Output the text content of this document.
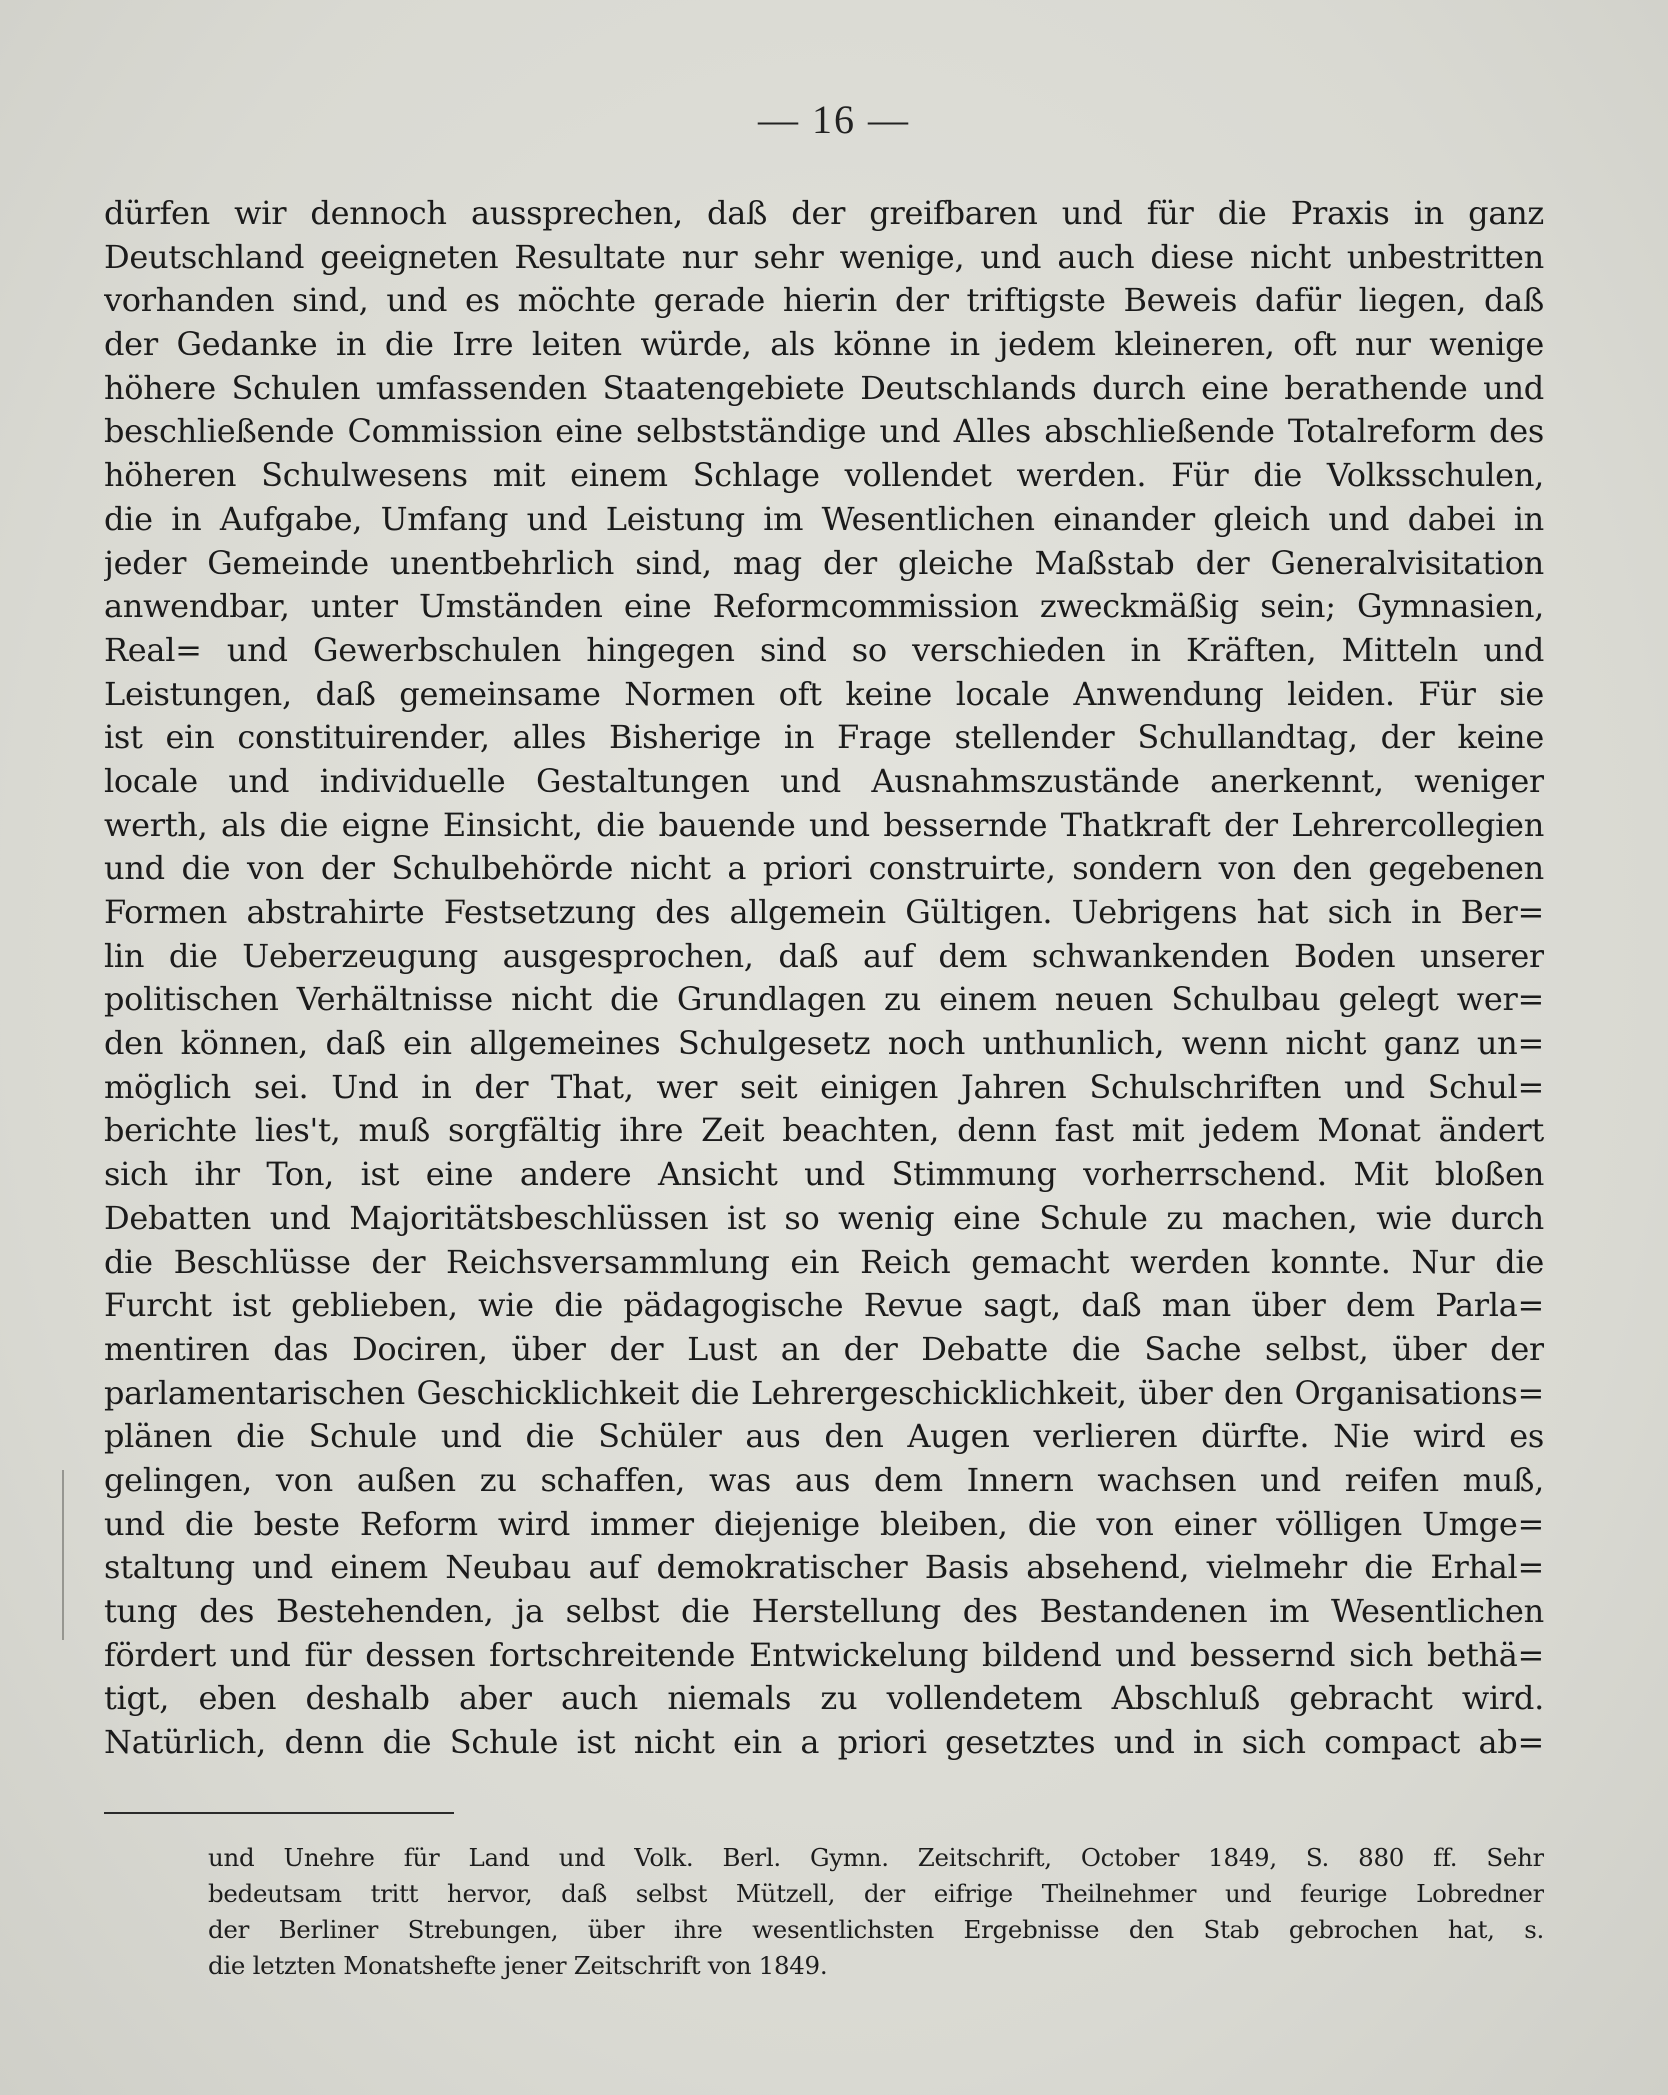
— 16 —
dürfen wir dennoch aussprechen, daß der greifbaren und für die Praxis in ganz
Deutschland geeigneten Resultate nur sehr wenige, und auch diese nicht unbestritten
vorhanden sind, und es möchte gerade hierin der triftigste Beweis dafür liegen, daß
der Gedanke in die Irre leiten würde, als könne in jedem kleineren, oft nur wenige
höhere Schulen umfassenden Staatengebiete Deutschlands durch eine berathende und
beschließende Commission eine selbstständige und Alles abschließende Totalreform des
höheren Schulwesens mit einem Schlage vollendet werden. Für die Volksschulen,
die in Aufgabe, Umfang und Leistung im Wesentlichen einander gleich und dabei in
jeder Gemeinde unentbehrlich sind, mag der gleiche Maßstab der Generalvisitation
anwendbar, unter Umständen eine Reformcommission zweckmäßig sein; Gymnasien,
Real= und Gewerbschulen hingegen sind so verschieden in Kräften, Mitteln und
Leistungen, daß gemeinsame Normen oft keine locale Anwendung leiden. Für sie
ist ein constituirender, alles Bisherige in Frage stellender Schullandtag, der keine
locale und individuelle Gestaltungen und Ausnahmszustände anerkennt, weniger
werth, als die eigne Einsicht, die bauende und bessernde Thatkraft der Lehrercollegien
und die von der Schulbehörde nicht a priori construirte, sondern von den gegebenen
Formen abstrahirte Festsetzung des allgemein Gültigen. Uebrigens hat sich in Ber=
lin die Ueberzeugung ausgesprochen, daß auf dem schwankenden Boden unserer
politischen Verhältnisse nicht die Grundlagen zu einem neuen Schulbau gelegt wer=
den können, daß ein allgemeines Schulgesetz noch unthunlich, wenn nicht ganz un=
möglich sei. Und in der That, wer seit einigen Jahren Schulschriften und Schul=
berichte lies't, muß sorgfältig ihre Zeit beachten, denn fast mit jedem Monat ändert
sich ihr Ton, ist eine andere Ansicht und Stimmung vorherrschend. Mit bloßen
Debatten und Majoritätsbeschlüssen ist so wenig eine Schule zu machen, wie durch
die Beschlüsse der Reichsversammlung ein Reich gemacht werden konnte. Nur die
Furcht ist geblieben, wie die pädagogische Revue sagt, daß man über dem Parla=
mentiren das Dociren, über der Lust an der Debatte die Sache selbst, über der
parlamentarischen Geschicklichkeit die Lehrergeschicklichkeit, über den Organisations=
plänen die Schule und die Schüler aus den Augen verlieren dürfte. Nie wird es
gelingen, von außen zu schaffen, was aus dem Innern wachsen und reifen muß,
und die beste Reform wird immer diejenige bleiben, die von einer völligen Umge=
staltung und einem Neubau auf demokratischer Basis absehend, vielmehr die Erhal=
tung des Bestehenden, ja selbst die Herstellung des Bestandenen im Wesentlichen
fördert und für dessen fortschreitende Entwickelung bildend und bessernd sich bethä=
tigt, eben deshalb aber auch niemals zu vollendetem Abschluß gebracht wird.
Natürlich, denn die Schule ist nicht ein a priori gesetztes und in sich compact ab=
und Unehre für Land und Volk. Berl. Gymn. Zeitschrift, October 1849, S. 880 ff. Sehr
bedeutsam tritt hervor, daß selbst Mützell, der eifrige Theilnehmer und feurige Lobredner
der Berliner Strebungen, über ihre wesentlichsten Ergebnisse den Stab gebrochen hat, s.
die letzten Monatshefte jener Zeitschrift von 1849.
